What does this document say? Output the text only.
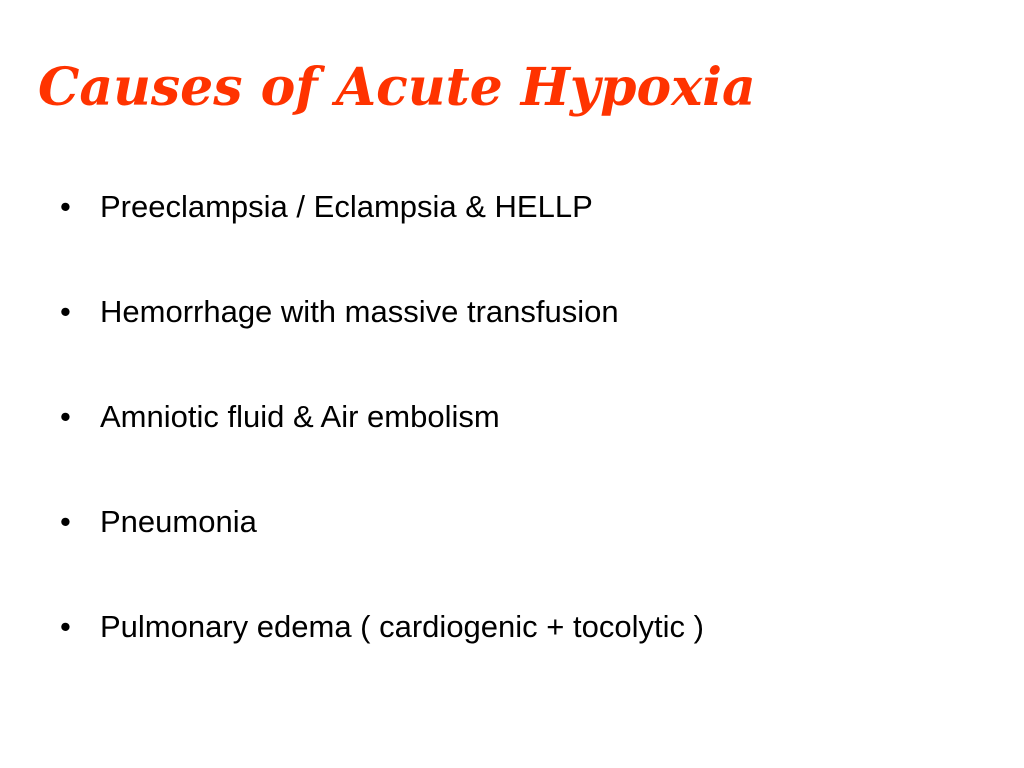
Causes of Acute Hypoxia
• Preeclampsia / Eclampsia & HELLP
• Hemorrhage with massive transfusion
• Amniotic fluid & Air embolism
• Pneumonia
• Pulmonary edema ( cardiogenic + tocolytic )
